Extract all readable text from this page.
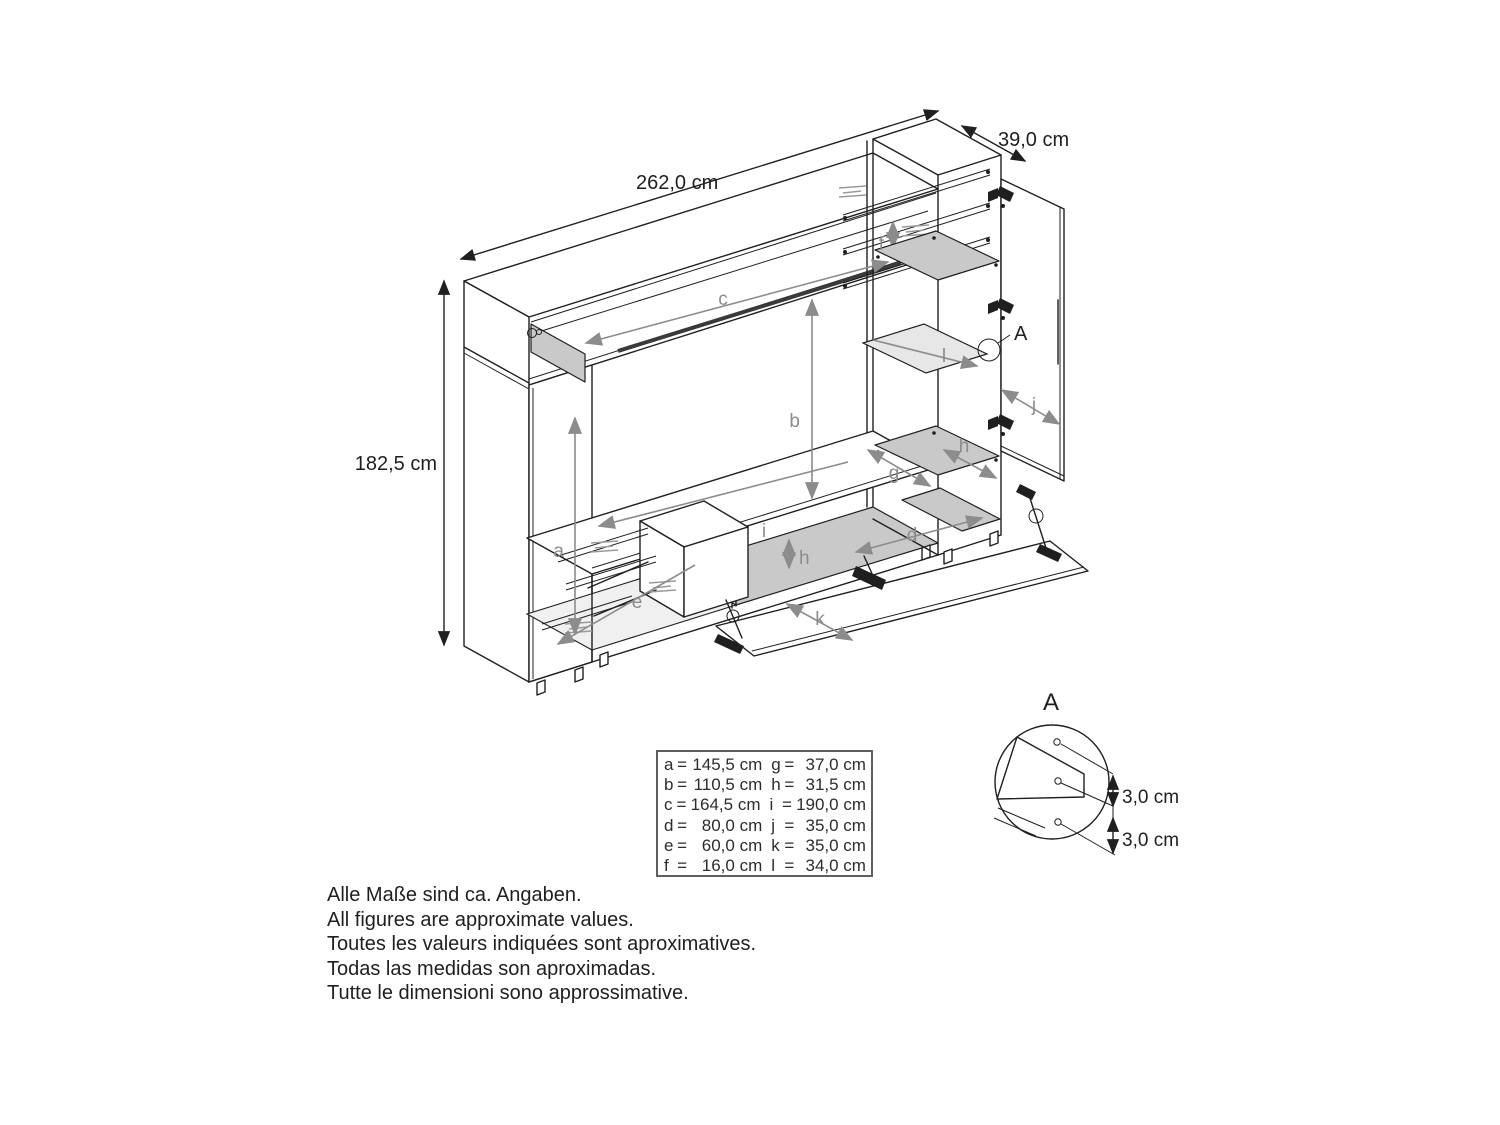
a
b
c
d
e
f
g
h
h
i
j
k
l
A
262,0 cm
39,0 cm
182,5 cm
A
3,0 cm
3,0 cm
a = 145,5 cm g = 37,0 cm
b = 110,5 cm h = 31,5 cm
c = 164,5 cm i = 190,0 cm
d = 80,0 cm j = 35,0 cm
e = 60,0 cm k = 35,0 cm
f = 16,0 cm l = 34,0 cm
Alle Maße sind ca. Angaben.
All figures are approximate values.
Toutes les valeurs indiquées sont aproximatives.
Todas las medidas son aproximadas.
Tutte le dimensioni sono approssimative.
